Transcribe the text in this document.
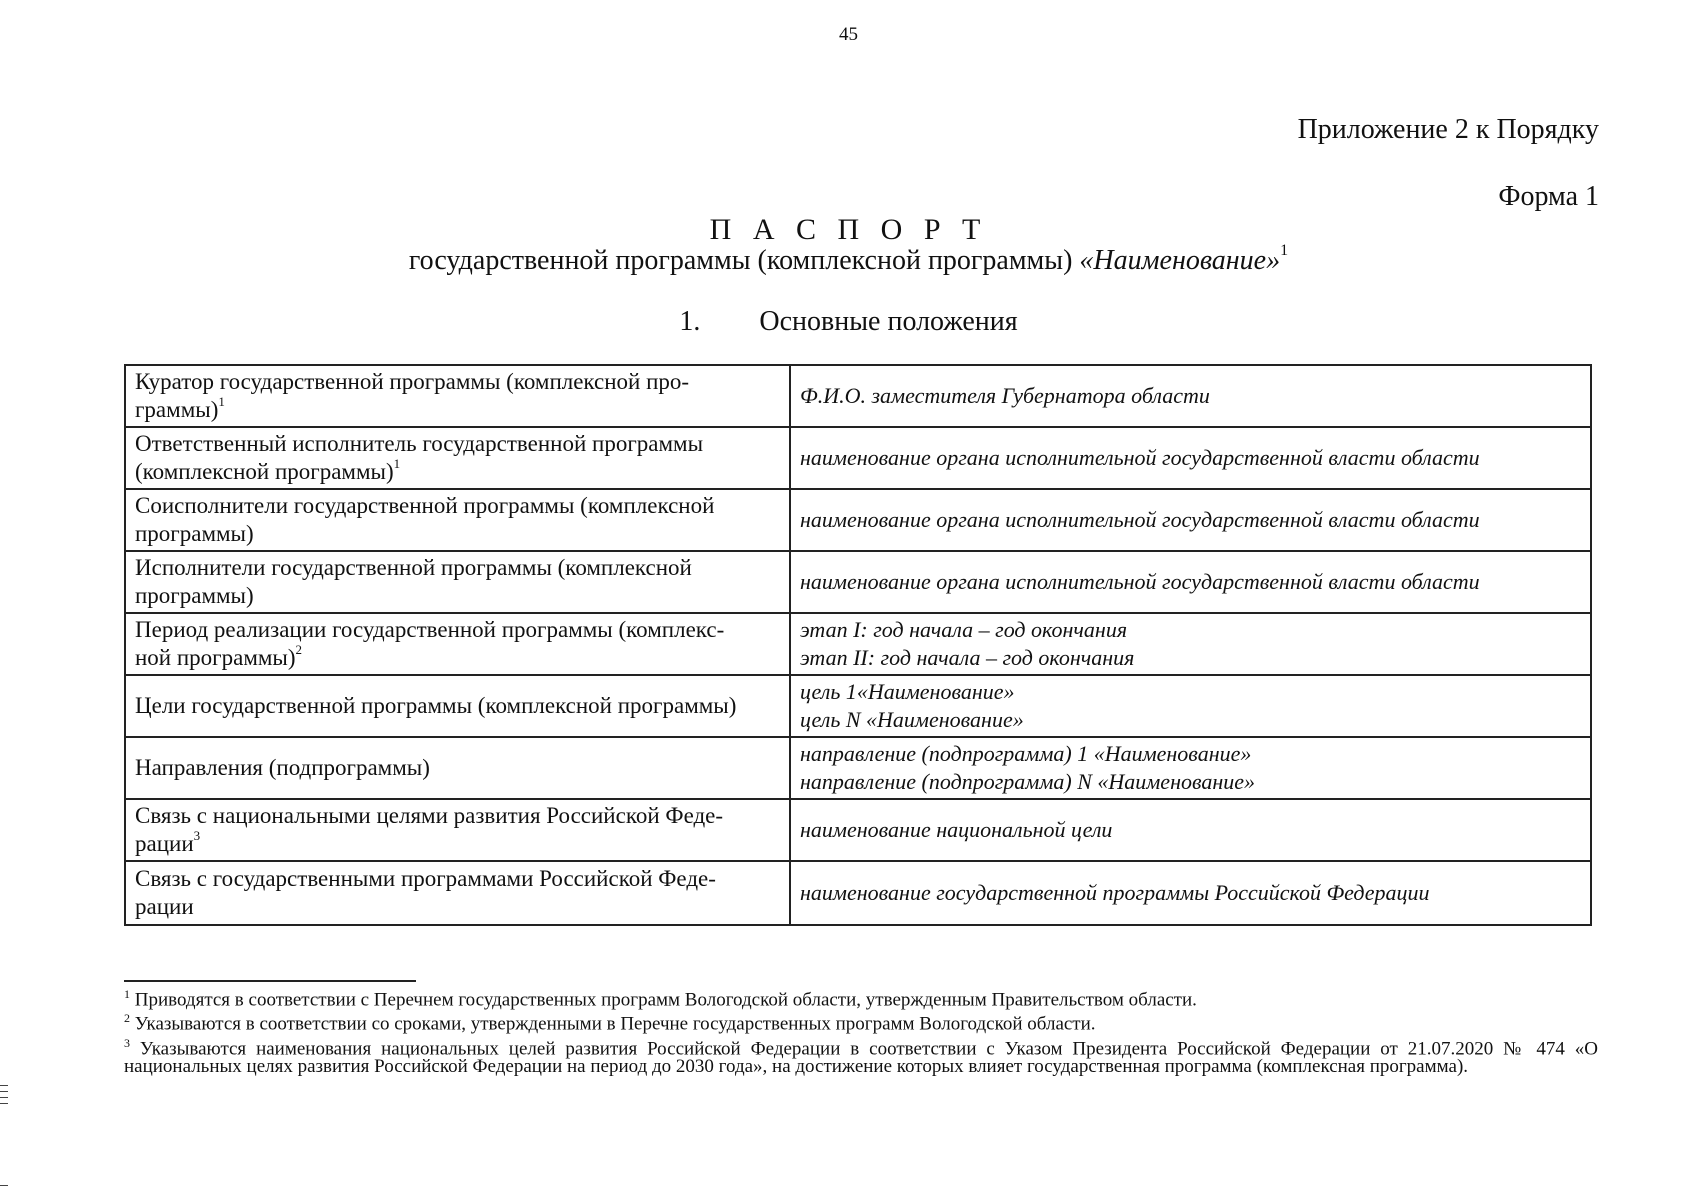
45
Приложение 2 к Порядку
Форма 1
П А С П О Р Т
государственной программы (комплексной программы) «Наименование»$^1$
1. Основные положения
Куратор государственной программы (комплексной про-
граммы)$^1$	Ф.И.О. заместителя Губернатора области

Ответственный исполнитель государственной программы
(комплексной программы)$^1$	наименование органа исполнительной государственной власти области

Соисполнители государственной программы (комплексной
программы)	наименование органа исполнительной государственной власти области

Исполнители государственной программы (комплексной
программы)	наименование органа исполнительной государственной власти области

Период реализации государственной программы (комплекс-
ной программы)$^2$	этап I: год начала – год окончания
этап II: год начала – год окончания

Цели государственной программы (комплексной программы)	цель 1«Наименование»
цель N «Наименование»

Направления (подпрограммы)	направление (подпрограмма) 1 «Наименование»
направление (подпрограмма) N «Наименование»

Связь с национальными целями развития Российской Феде-
рации$^3$	наименование национальной цели

Связь с государственными программами Российской Феде-
рации	наименование государственной программы Российской Федерации

$^1$ Приводятся в соответствии с Перечнем государственных программ Вологодской области, утвержденным Правительством области.

$^2$ Указываются в соответствии со сроками, утвержденными в Перечне государственных программ Вологодской области.

$^3$ Указываются наименования национальных целей развития Российской Федерации в соответствии с Указом Президента Российской Федерации от 21.07.2020 № 474 «О национальных целях развития Российской Федерации на период до 2030 года», на достижение которых влияет государственная программа (комплексная программа).
